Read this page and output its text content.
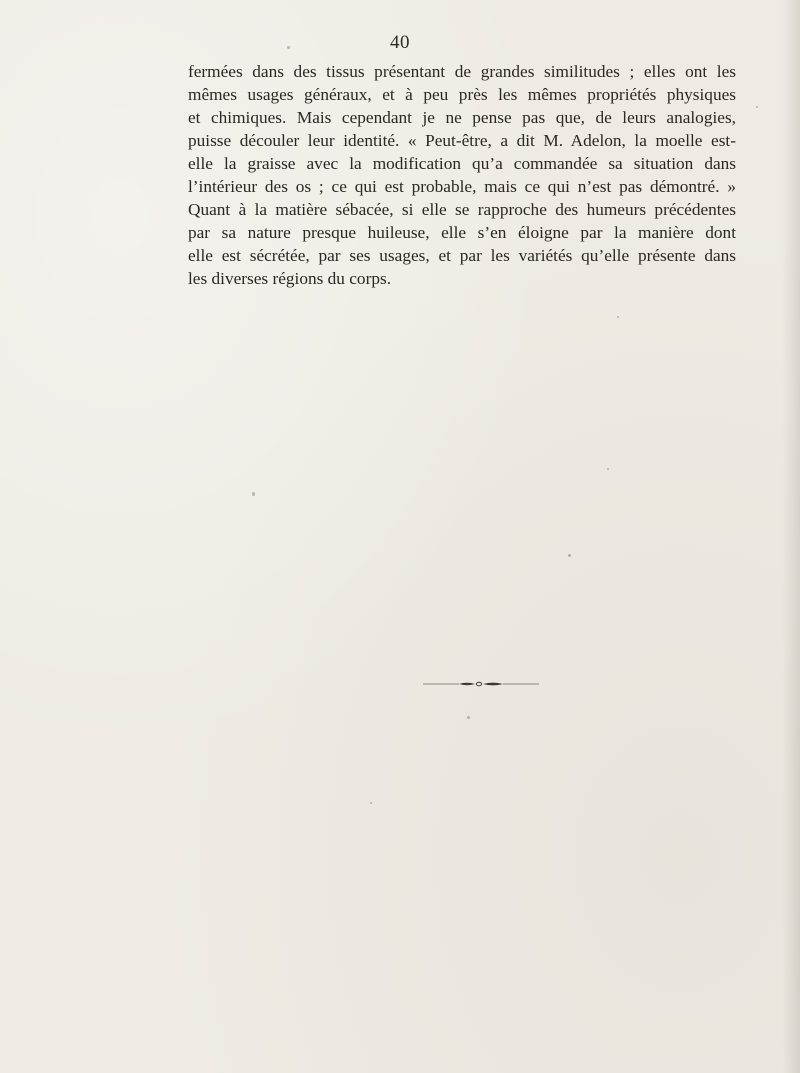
40
fermées dans des tissus présentant de grandes similitudes ; elles ont les
mêmes usages généraux, et à peu près les mêmes propriétés physiques
et chimiques. Mais cependant je ne pense pas que, de leurs analogies,
puisse découler leur identité. « Peut-être, a dit M. Adelon, la moelle est-
elle la graisse avec la modification qu’a commandée sa situation dans
l’intérieur des os ; ce qui est probable, mais ce qui n’est pas démontré. »
Quant à la matière sébacée, si elle se rapproche des humeurs précédentes
par sa nature presque huileuse, elle s’en éloigne par la manière dont
elle est sécrétée, par ses usages, et par les variétés qu’elle présente dans
les diverses régions du corps.
